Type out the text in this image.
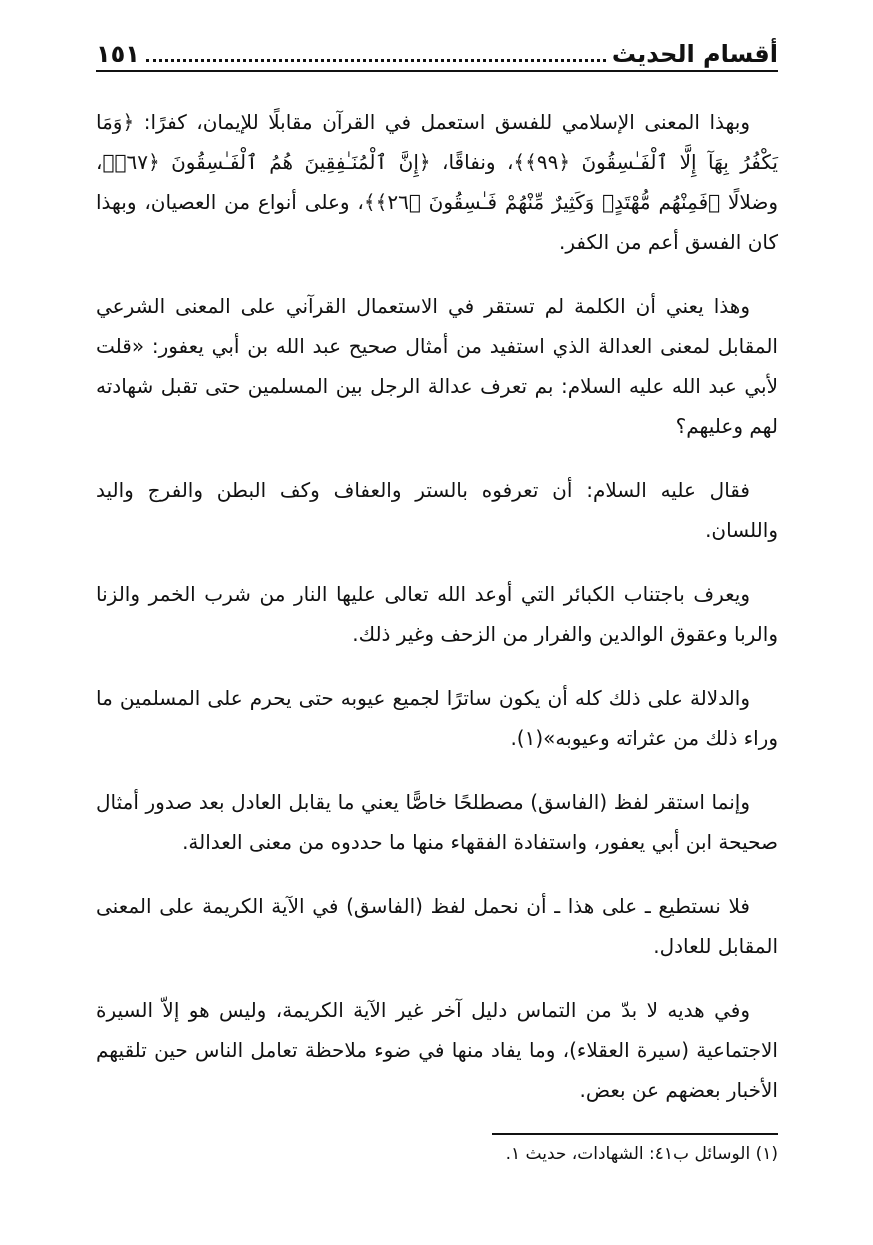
أقسام الحديث
١٥١

وبهذا المعنى الإسلامي للفسق استعمل في القرآن مقابلًا للإيمان، كفرًا: ﴿وَمَا يَكْفُرُ بِهَآ إِلَّا ٱلْفَـٰسِقُونَ ﴿٩٩﴾﴾، ونفاقًا، ﴿إِنَّ ٱلْمُنَـٰفِقِينَ هُمُ ٱلْفَـٰسِقُونَ ﴿٦٧﴾﴾، وضلالًا ﴿فَمِنْهُم مُّهْتَدٍۖ وَكَثِيرٌ مِّنْهُمْ فَـٰسِقُونَ ﴿٢٦﴾﴾، وعلى أنواع من العصيان، وبهذا كان الفسق أعم من الكفر.

وهذا يعني أن الكلمة لم تستقر في الاستعمال القرآني على المعنى الشرعي المقابل لمعنى العدالة الذي استفيد من أمثال صحيح عبد الله بن أبي يعفور: «قلت لأبي عبد الله عليه السلام: بم تعرف عدالة الرجل بين المسلمين حتى تقبل شهادته لهم وعليهم؟

فقال عليه السلام: أن تعرفوه بالستر والعفاف وكف البطن والفرج واليد واللسان.

ويعرف باجتناب الكبائر التي أوعد الله تعالى عليها النار من شرب الخمر والزنا والربا وعقوق الوالدين والفرار من الزحف وغير ذلك.

والدلالة على ذلك كله أن يكون ساترًا لجميع عيوبه حتى يحرم على المسلمين ما وراء ذلك من عثراته وعيوبه»(١).

وإنما استقر لفظ (الفاسق) مصطلحًا خاصًّا يعني ما يقابل العادل بعد صدور أمثال صحيحة ابن أبي يعفور، واستفادة الفقهاء منها ما حددوه من معنى العدالة.

فلا نستطيع ـ على هذا ـ أن نحمل لفظ (الفاسق) في الآية الكريمة على المعنى المقابل للعادل.

وفي هديه لا بدّ من التماس دليل آخر غير الآية الكريمة، وليس هو إلاّ السيرة الاجتماعية (سيرة العقلاء)، وما يفاد منها في ضوء ملاحظة تعامل الناس حين تلقيهم الأخبار بعضهم عن بعض.

(١) الوسائل ب٤١: الشهادات، حديث ١.
